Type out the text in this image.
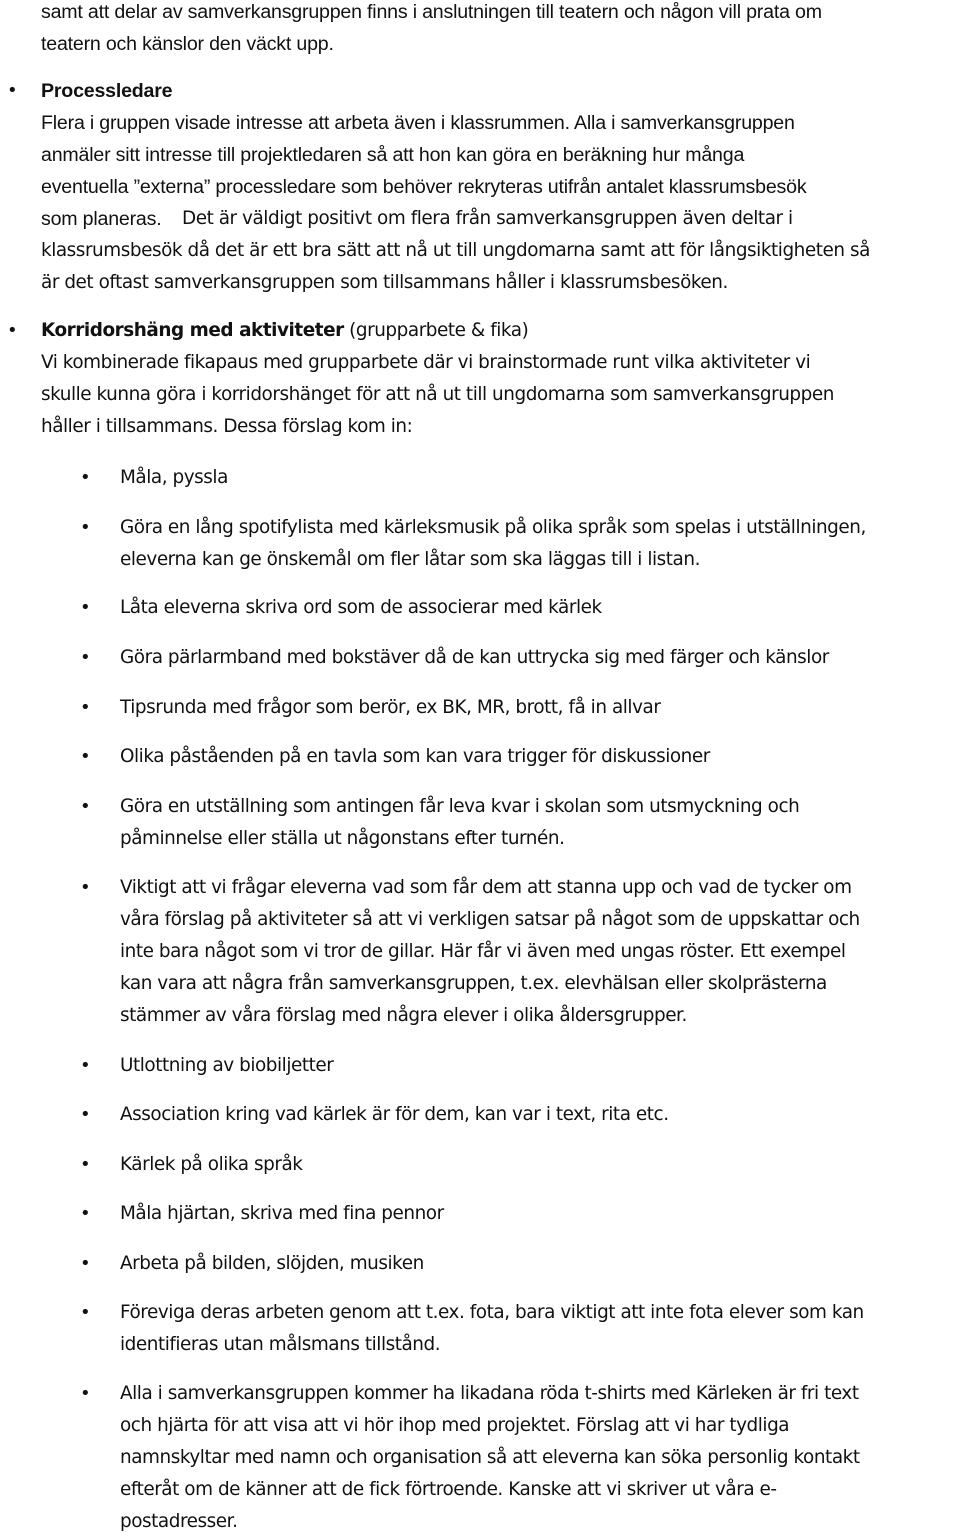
samt att delar av samverkansgruppen finns i anslutningen till teatern och någon vill prata om
teatern och känslor den väckt upp.
• Processledare
Flera i gruppen visade intresse att arbeta även i klassrummen. Alla i samverkansgruppen
anmäler sitt intresse till projektledaren så att hon kan göra en beräkning hur många
eventuella ”externa” processledare som behöver rekryteras utifrån antalet klassrumsbesök
som planeras. Det är väldigt positivt om flera från samverkansgruppen även deltar i
klassrumsbesök då det är ett bra sätt att nå ut till ungdomarna samt att för långsiktigheten så
är det oftast samverkansgruppen som tillsammans håller i klassrumsbesöken.
• Korridorshäng med aktiviteter (grupparbete & fika)
Vi kombinerade fikapaus med grupparbete där vi brainstormade runt vilka aktiviteter vi
skulle kunna göra i korridorshänget för att nå ut till ungdomarna som samverkansgruppen
håller i tillsammans. Dessa förslag kom in:
• Måla, pyssla
• Göra en lång spotifylista med kärleksmusik på olika språk som spelas i utställningen,
eleverna kan ge önskemål om fler låtar som ska läggas till i listan.
• Låta eleverna skriva ord som de associerar med kärlek
• Göra pärlarmband med bokstäver då de kan uttrycka sig med färger och känslor
• Tipsrunda med frågor som berör, ex BK, MR, brott, få in allvar
• Olika påståenden på en tavla som kan vara trigger för diskussioner
• Göra en utställning som antingen får leva kvar i skolan som utsmyckning och
påminnelse eller ställa ut någonstans efter turnén.
• Viktigt att vi frågar eleverna vad som får dem att stanna upp och vad de tycker om
våra förslag på aktiviteter så att vi verkligen satsar på något som de uppskattar och
inte bara något som vi tror de gillar. Här får vi även med ungas röster. Ett exempel
kan vara att några från samverkansgruppen, t.ex. elevhälsan eller skolprästerna
stämmer av våra förslag med några elever i olika åldersgrupper.
• Utlottning av biobiljetter
• Association kring vad kärlek är för dem, kan var i text, rita etc.
• Kärlek på olika språk
• Måla hjärtan, skriva med fina pennor
• Arbeta på bilden, slöjden, musiken
• Föreviga deras arbeten genom att t.ex. fota, bara viktigt att inte fota elever som kan
identifieras utan målsmans tillstånd.
• Alla i samverkansgruppen kommer ha likadana röda t-shirts med Kärleken är fri text
och hjärta för att visa att vi hör ihop med projektet. Förslag att vi har tydliga
namnskyltar med namn och organisation så att eleverna kan söka personlig kontakt
efteråt om de känner att de fick förtroende. Kanske att vi skriver ut våra e-
postadresser.
